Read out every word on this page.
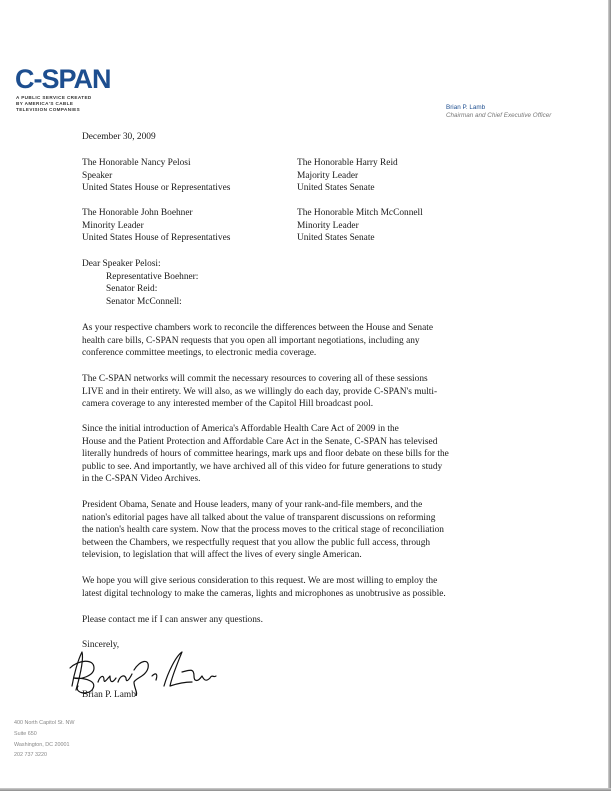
C-SPAN
A PUBLIC SERVICE CREATED
BY AMERICA'S CABLE
TELEVISION COMPANIES	Brian P. Lamb
Chairman and Chief Executive Officer
December 30, 2009
The Honorable Nancy Pelosi
Speaker
United States House or Representatives
The Honorable Harry Reid
Majority Leader
United States Senate
The Honorable John Boehner
Minority Leader
United States House of Representatives
The Honorable Mitch McConnell
Minority Leader
United States Senate
Dear Speaker Pelosi:
Representative Boehner:
Senator Reid:
Senator McConnell:
As your respective chambers work to reconcile the differences between the House and Senate
health care bills, C-SPAN requests that you open all important negotiations, including any
conference committee meetings, to electronic media coverage.
The C-SPAN networks will commit the necessary resources to covering all of these sessions
LIVE and in their entirety. We will also, as we willingly do each day, provide C-SPAN's multi-
camera coverage to any interested member of the Capitol Hill broadcast pool.
Since the initial introduction of America's Affordable Health Care Act of 2009 in the
House and the Patient Protection and Affordable Care Act in the Senate, C-SPAN has televised
literally hundreds of hours of committee hearings, mark ups and floor debate on these bills for the
public to see. And importantly, we have archived all of this video for future generations to study
in the C-SPAN Video Archives.
President Obama, Senate and House leaders, many of your rank-and-file members, and the
nation's editorial pages have all talked about the value of transparent discussions on reforming
the nation's health care system. Now that the process moves to the critical stage of reconciliation
between the Chambers, we respectfully request that you allow the public full access, through
television, to legislation that will affect the lives of every single American.
We hope you will give serious consideration to this request. We are most willing to employ the
latest digital technology to make the cameras, lights and microphones as unobtrusive as possible.
Please contact me if I can answer any questions.
Sincerely,
Brian P. Lamb
400 North Capitol St. NW
Suite 650
Washington, DC 20001
202 737 3220
